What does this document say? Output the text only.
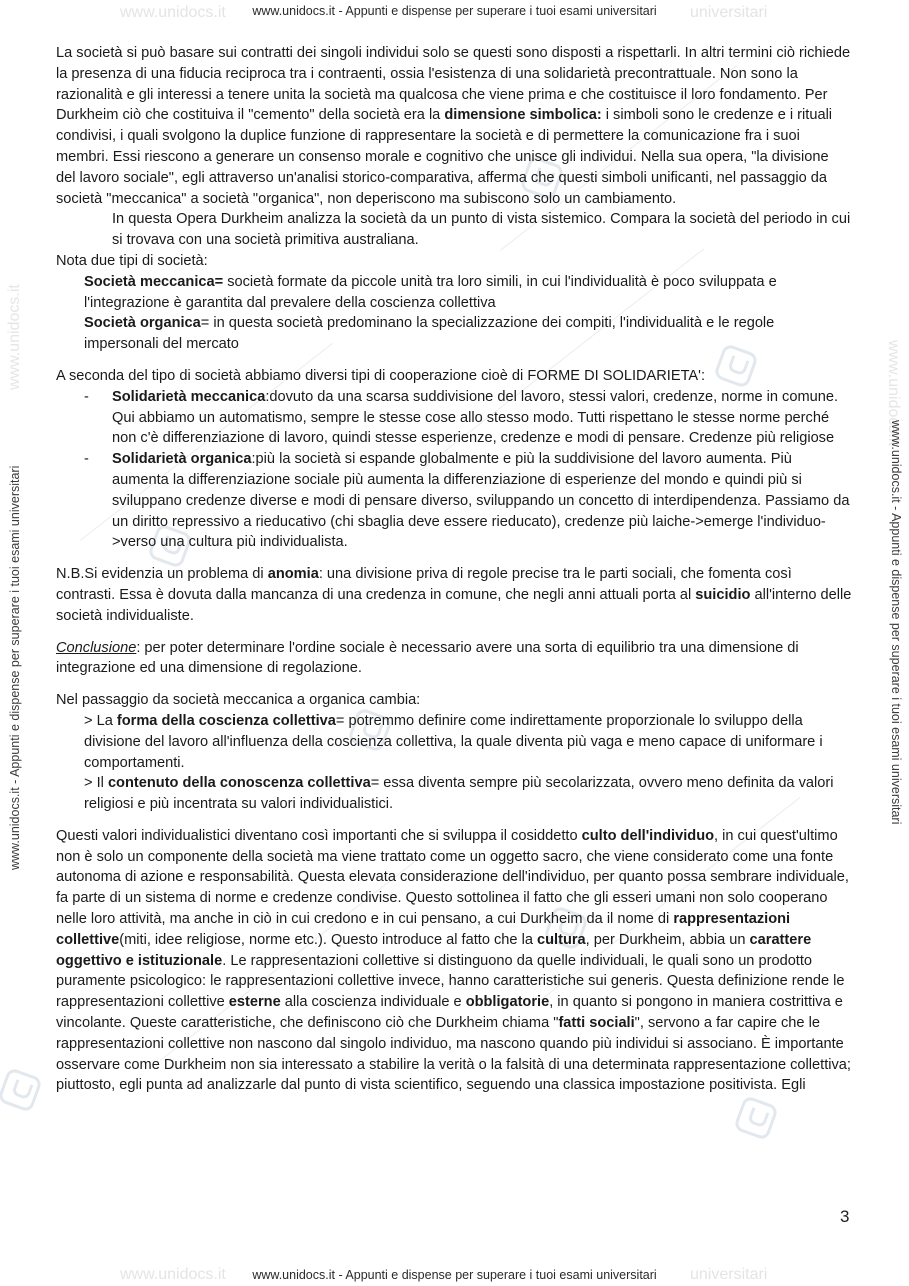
www.unidocs.it	universitari
www.unidocs.it	universitari
www.unidocs.it
www.unidocs.it
www.unidocs.it - Appunti e dispense per superare i tuoi esami universitari
www.unidocs.it - Appunti e dispense per superare i tuoi esami universitari
www.unidocs.it - Appunti e dispense per superare i tuoi esami universitari	www.unidocs.it - Appunti e dispense per superare i tuoi esami universitari

La società si può basare sui contratti dei singoli individui solo se questi sono disposti a rispettarli. In altri termini ciò richiede la presenza di una fiducia reciproca tra i contraenti, ossia l'esistenza di una solidarietà precontrattuale. Non sono la razionalità e gli interessi a tenere unita la società ma qualcosa che viene prima e che costituisce il loro fondamento. Per Durkheim ciò che costituiva il "cemento" della società era la dimensione simbolica: i simboli sono le credenze e i rituali condivisi, i quali svolgono la duplice funzione di rappresentare la società e di permettere la comunicazione fra i suoi membri. Essi riescono a generare un consenso morale e cognitivo che unisce gli individui. Nella sua opera, "la divisione del lavoro sociale", egli attraverso un'analisi storico-comparativa, afferma che questi simboli unificanti, nel passaggio da società "meccanica" a società "organica", non deperiscono ma subiscono solo un cambiamento.

In questa Opera Durkheim analizza la società da un punto di vista sistemico. Compara la società del periodo in cui si trovava con una società primitiva australiana.

Nota due tipi di società:

Società meccanica= società formate da piccole unità tra loro simili, in cui l'individualità è poco sviluppata e l'integrazione è garantita dal prevalere della coscienza collettiva

Società organica= in questa società predominano la specializzazione dei compiti, l'individualità e le regole impersonali del mercato

A seconda del tipo di società abbiamo diversi tipi di cooperazione cioè di FORME DI SOLIDARIETA':

-	Solidarietà meccanica:dovuto da una scarsa suddivisione del lavoro, stessi valori, credenze, norme in comune. Qui abbiamo un automatismo, sempre le stesse cose allo stesso modo. Tutti rispettano le stesse norme perché non c'è differenziazione di lavoro, quindi stesse esperienze, credenze e modi di pensare. Credenze più religiose
-	Solidarietà organica:più la società si espande globalmente e più la suddivisione del lavoro aumenta. Più aumenta la differenziazione sociale più aumenta la differenziazione di esperienze del mondo e quindi più si sviluppano credenze diverse e modi di pensare diverso, sviluppando un concetto di interdipendenza. Passiamo da un diritto repressivo a rieducativo (chi sbaglia deve essere rieducato), credenze più laiche->emerge l'individuo->verso una cultura più individualista.

N.B.Si evidenzia un problema di anomia: una divisione priva di regole precise tra le parti sociali, che fomenta così contrasti. Essa è dovuta dalla mancanza di una credenza in comune, che negli anni attuali porta al suicidio all'interno delle società individualiste.

Conclusione: per poter determinare l'ordine sociale è necessario avere una sorta di equilibrio tra una dimensione di integrazione ed una dimensione di regolazione.

Nel passaggio da società meccanica a organica cambia:

> La forma della coscienza collettiva= potremmo definire come indirettamente proporzionale lo sviluppo della divisione del lavoro all'influenza della coscienza collettiva, la quale diventa più vaga e meno capace di uniformare i comportamenti.

> Il contenuto della conoscenza collettiva= essa diventa sempre più secolarizzata, ovvero meno definita da valori religiosi e più incentrata su valori individualistici.

Questi valori individualistici diventano così importanti che si sviluppa il cosiddetto culto dell'individuo, in cui quest'ultimo non è solo un componente della società ma viene trattato come un oggetto sacro, che viene considerato come una fonte autonoma di azione e responsabilità. Questa elevata considerazione dell'individuo, per quanto possa sembrare individuale, fa parte di un sistema di norme e credenze condivise. Questo sottolinea il fatto che gli esseri umani non solo cooperano nelle loro attività, ma anche in ciò in cui credono e in cui pensano, a cui Durkheim da il nome di rappresentazioni collettive(miti, idee religiose, norme etc.). Questo introduce al fatto che la cultura, per Durkheim, abbia un carattere oggettivo e istituzionale. Le rappresentazioni collettive si distinguono da quelle individuali, le quali sono un prodotto puramente psicologico: le rappresentazioni collettive invece, hanno caratteristiche sui generis. Questa definizione rende le rappresentazioni collettive esterne alla coscienza individuale e obbligatorie, in quanto si pongono in maniera costrittiva e vincolante. Queste caratteristiche, che definiscono ciò che Durkheim chiama "fatti sociali", servono a far capire che le rappresentazioni collettive non nascono dal singolo individuo, ma nascono quando più individui si associano. È importante osservare come Durkheim non sia interessato a stabilire la verità o la falsità di una determinata rappresentazione collettiva; piuttosto, egli punta ad analizzarle dal punto di vista scientifico, seguendo una classica impostazione positivista. Egli

3
